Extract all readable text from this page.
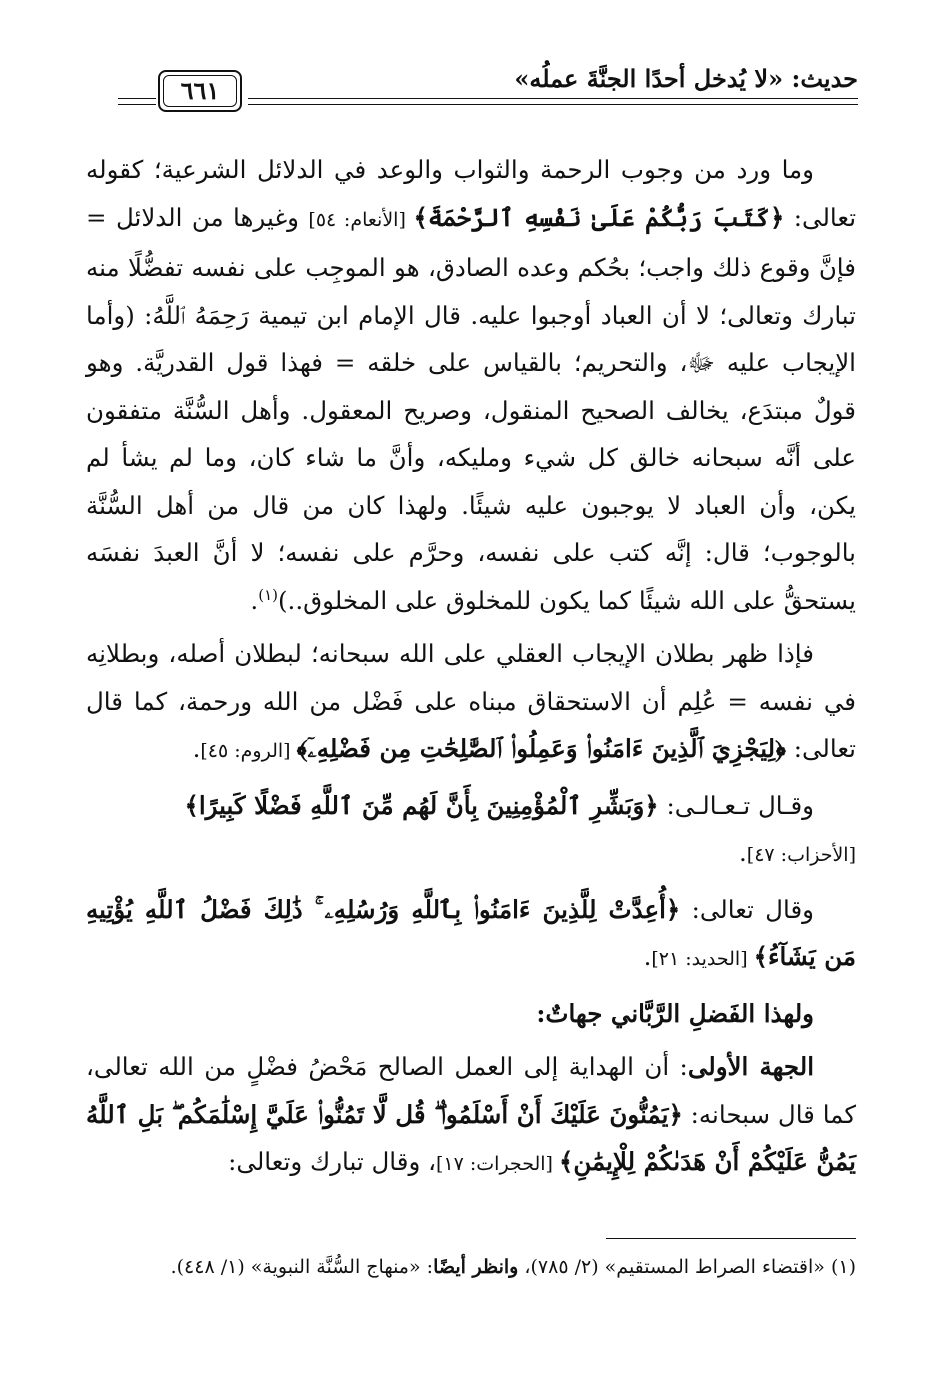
حديث: «لا يُدخل أحدًا الجنَّةَ عملُه»
٦٦١

وما ورد من وجوب الرحمة والثواب والوعد في الدلائل الشرعية؛ كقوله تعالى: ﴿كَتَبَ رَبُّكُمْ عَلَىٰ نَفْسِهِ ٱلرَّحْمَةَ﴾ [الأنعام: ٥٤] وغيرها من الدلائل = فإنَّ وقوع ذلك واجب؛ بحُكم وعده الصادق، هو الموجِب على نفسه تفضُّلًا منه تبارك وتعالى؛ لا أن العباد أوجبوا عليه. قال الإمام ابن تيمية رَحِمَهُ ٱللَّهُ: (وأما الإيجاب عليه ﷻ، والتحريم؛ بالقياس على خلقه = فهذا قول القدريَّة. وهو قولٌ مبتدَع، يخالف الصحيح المنقول، وصريح المعقول. وأهل السُّنَّة متفقون على أنَّه سبحانه خالق كل شيء ومليكه، وأنَّ ما شاء كان، وما لم يشأ لم يكن، وأن العباد لا يوجبون عليه شيئًا. ولهذا كان من قال من أهل السُّنَّة بالوجوب؛ قال: إنَّه كتب على نفسه، وحرَّم على نفسه؛ لا أنَّ العبدَ نفسَه يستحقُّ على الله شيئًا كما يكون للمخلوق على المخلوق..)$^{(١)}$.

فإذا ظهر بطلان الإيجاب العقلي على الله سبحانه؛ لبطلان أصله، وبطلانِه في نفسه = عُلِم أن الاستحقاق مبناه على فَضْل من الله ورحمة، كما قال تعالى: ﴿لِيَجْزِيَ ٱلَّذِينَ ءَامَنُوا۟ وَعَمِلُوا۟ ٱلصَّٰلِحَٰتِ مِن فَضْلِهِۦٓ﴾ [الروم: ٤٥].

وقـال تـعـالـى: ﴿وَبَشِّرِ ٱلْمُؤْمِنِينَ بِأَنَّ لَهُم مِّنَ ٱللَّهِ فَضْلًا كَبِيرًا﴾
[الأحزاب: ٤٧].

وقال تعالى: ﴿أُعِدَّتْ لِلَّذِينَ ءَامَنُوا۟ بِٱللَّهِ وَرُسُلِهِۦ ۚ ذَٰلِكَ فَضْلُ ٱللَّهِ يُؤْتِيهِ مَن يَشَآءُ﴾ [الحديد: ٢١].

ولهذا الفَضلِ الرَّبَّاني جهاتٌ:

الجهة الأولى: أن الهداية إلى العمل الصالح مَحْضُ فضْلٍ من الله تعالى، كما قال سبحانه: ﴿يَمُنُّونَ عَلَيْكَ أَنْ أَسْلَمُوا۟ ۖ قُل لَّا تَمُنُّوا۟ عَلَيَّ إِسْلَٰمَكُم ۖ بَلِ ٱللَّهُ يَمُنُّ عَلَيْكُمْ أَنْ هَدَىٰكُمْ لِلْإِيمَٰنِ﴾ [الحجرات: ١٧]، وقال تبارك وتعالى:

(١) «اقتضاء الصراط المستقيم» (٢/ ٧٨٥)، وانظر أيضًا: «منهاج السُّنَّة النبوية» (١/ ٤٤٨).
